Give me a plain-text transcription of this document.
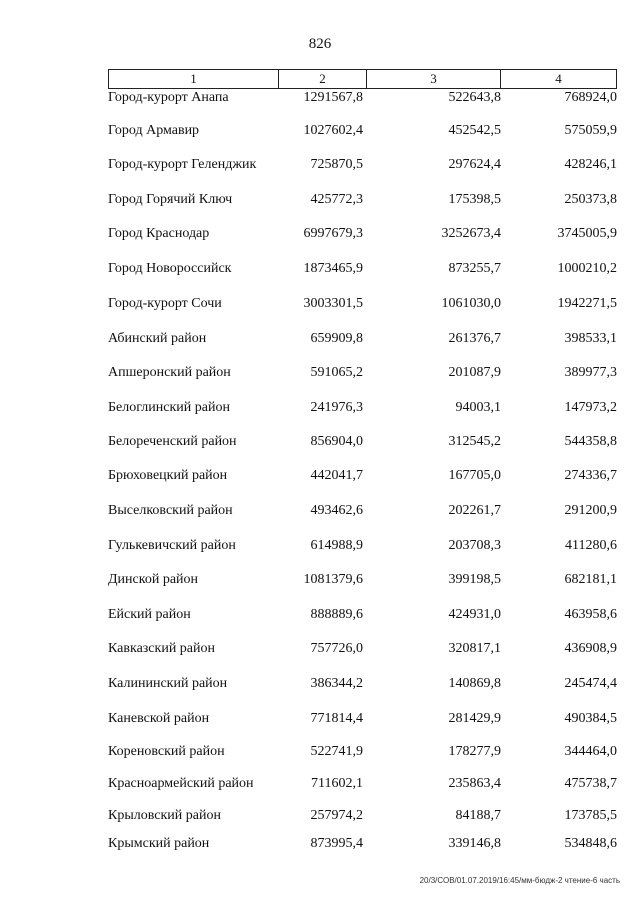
826
1	2	3	4
Город-курорт Анапа	1291567,8	522643,8	768924,0
Город Армавир	1027602,4	452542,5	575059,9
Город-курорт Геленджик	725870,5	297624,4	428246,1
Город Горячий Ключ	425772,3	175398,5	250373,8
Город Краснодар	6997679,3	3252673,4	3745005,9
Город Новороссийск	1873465,9	873255,7	1000210,2
Город-курорт Сочи	3003301,5	1061030,0	1942271,5
Абинский район	659909,8	261376,7	398533,1
Апшеронский район	591065,2	201087,9	389977,3
Белоглинский район	241976,3	94003,1	147973,2
Белореченский район	856904,0	312545,2	544358,8
Брюховецкий район	442041,7	167705,0	274336,7
Выселковский район	493462,6	202261,7	291200,9
Гулькевичский район	614988,9	203708,3	411280,6
Динской район	1081379,6	399198,5	682181,1
Ейский район	888889,6	424931,0	463958,6
Кавказский район	757726,0	320817,1	436908,9
Калининский район	386344,2	140869,8	245474,4
Каневской район	771814,4	281429,9	490384,5
Кореновский район	522741,9	178277,9	344464,0
Красноармейский район	711602,1	235863,4	475738,7
Крыловский район	257974,2	84188,7	173785,5
Крымский район	873995,4	339146,8	534848,6
20/3/СОВ/01.07.2019/16:45/мм-бюдж-2 чтение-6 часть
